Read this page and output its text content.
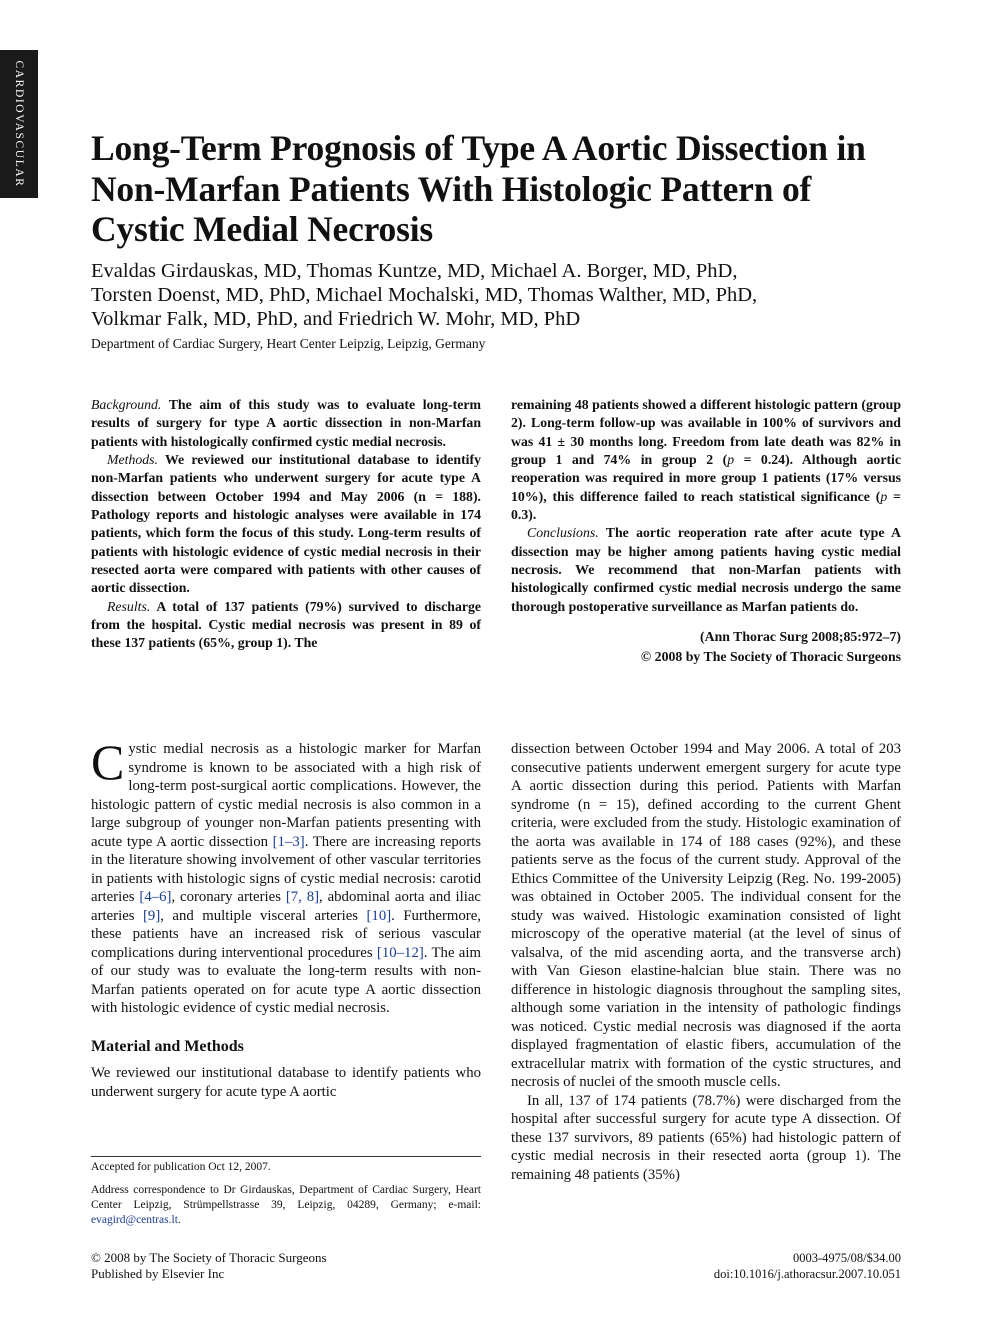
CARDIOVASCULAR Long-Term Prognosis of Type A Aortic Dissection in Non-Marfan Patients With Histologic Pattern of Cystic Medial Necrosis
Evaldas Girdauskas, MD, Thomas Kuntze, MD, Michael A. Borger, MD, PhD,
Torsten Doenst, MD, PhD, Michael Mochalski, MD, Thomas Walther, MD, PhD,
Volkmar Falk, MD, PhD, and Friedrich W. Mohr, MD, PhD
Department of Cardiac Surgery, Heart Center Leipzig, Leipzig, Germany

Background. The aim of this study was to evaluate long-term results of surgery for type A aortic dissection in non-Marfan patients with histologically confirmed cystic medial necrosis.

Methods. We reviewed our institutional database to identify non-Marfan patients who underwent surgery for acute type A dissection between October 1994 and May 2006 (n = 188). Pathology reports and histologic analyses were available in 174 patients, which form the focus of this study. Long-term results of patients with histologic evidence of cystic medial necrosis in their resected aorta were compared with patients with other causes of aortic dissection.

Results. A total of 137 patients (79%) survived to discharge from the hospital. Cystic medial necrosis was present in 89 of these 137 patients (65%, group 1). The

remaining 48 patients showed a different histologic pattern (group 2). Long-term follow-up was available in 100% of survivors and was 41 ± 30 months long. Freedom from late death was 82% in group 1 and 74% in group 2 (p = 0.24). Although aortic reoperation was required in more group 1 patients (17% versus 10%), this difference failed to reach statistical significance (p = 0.3).

Conclusions. The aortic reoperation rate after acute type A dissection may be higher among patients having cystic medial necrosis. We recommend that non-Marfan patients with histologically confirmed cystic medial necrosis undergo the same thorough postoperative surveillance as Marfan patients do.

(Ann Thorac Surg 2008;85:972–7)

© 2008 by The Society of Thoracic Surgeons

Cystic medial necrosis as a histologic marker for Marfan syndrome is known to be associated with a high risk of long-term post-surgical aortic complications. However, the histologic pattern of cystic medial necrosis is also common in a large subgroup of younger non-Marfan patients presenting with acute type A aortic dissection [1–3]. There are increasing reports in the literature showing involvement of other vascular territories in patients with histologic signs of cystic medial necrosis: carotid arteries [4–6], coronary arteries [7, 8], abdominal aorta and iliac arteries [9], and multiple visceral arteries [10]. Furthermore, these patients have an increased risk of serious vascular complications during interventional procedures [10–12]. The aim of our study was to evaluate the long-term results with non-Marfan patients operated on for acute type A aortic dissection with histologic evidence of cystic medial necrosis.

Material and Methods

We reviewed our institutional database to identify patients who underwent surgery for acute type A aortic

dissection between October 1994 and May 2006. A total of 203 consecutive patients underwent emergent surgery for acute type A aortic dissection during this period. Patients with Marfan syndrome (n = 15), defined according to the current Ghent criteria, were excluded from the study. Histologic examination of the aorta was available in 174 of 188 cases (92%), and these patients serve as the focus of the current study. Approval of the Ethics Committee of the University Leipzig (Reg. No. 199-2005) was obtained in October 2005. The individual consent for the study was waived. Histologic examination consisted of light microscopy of the operative material (at the level of sinus of valsalva, of the mid ascending aorta, and the transverse arch) with Van Gieson elastine-halcian blue stain. There was no difference in histologic diagnosis throughout the sampling sites, although some variation in the intensity of pathologic findings was noticed. Cystic medial necrosis was diagnosed if the aorta displayed fragmentation of elastic fibers, accumulation of the extracellular matrix with formation of the cystic structures, and necrosis of nuclei of the smooth muscle cells.

In all, 137 of 174 patients (78.7%) were discharged from the hospital after successful surgery for acute type A dissection. Of these 137 survivors, 89 patients (65%) had histologic pattern of cystic medial necrosis in their resected aorta (group 1). The remaining 48 patients (35%)

Accepted for publication Oct 12, 2007.

Address correspondence to Dr Girdauskas, Department of Cardiac Surgery, Heart Center Leipzig, Strümpellstrasse 39, Leipzig, 04289, Germany; e-mail: evagird@centras.lt.

© 2008 by The Society of Thoracic Surgeons
Published by Elsevier Inc
0003-4975/08/$34.00
doi:10.1016/j.athoracsur.2007.10.051
